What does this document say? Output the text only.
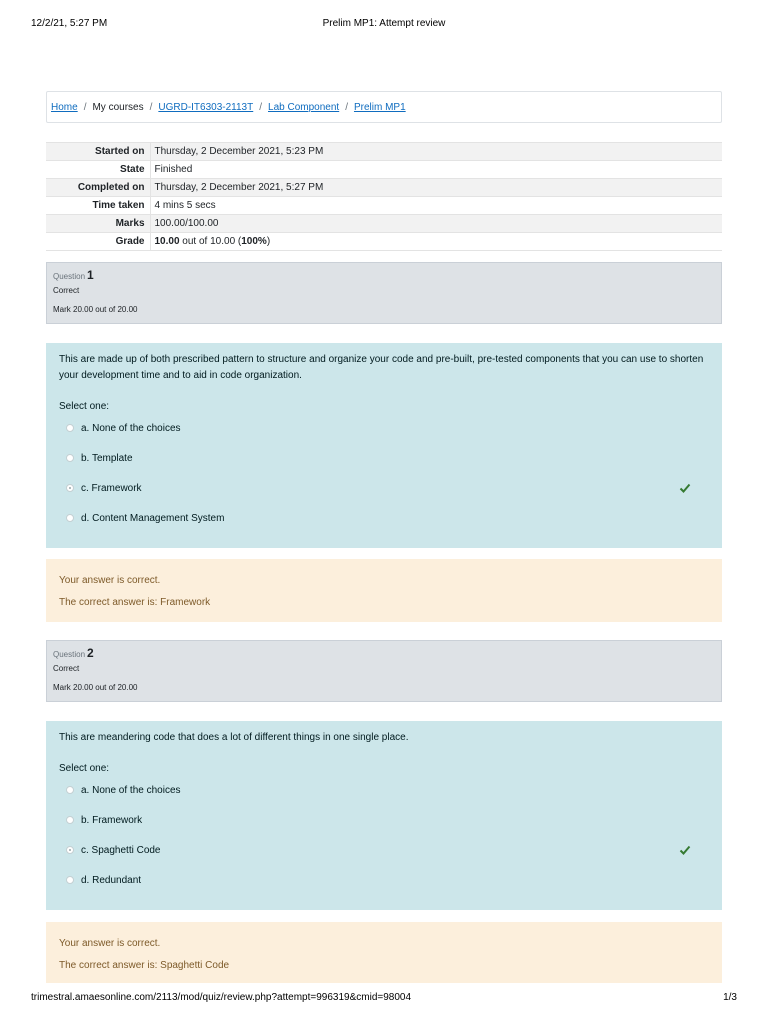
12/2/21, 5:27 PM	Prelim MP1: Attempt review
Home / My courses / UGRD-IT6303-2113T / Lab Component / Prelim MP1
Started on	Thursday, 2 December 2021, 5:23 PM
State	Finished
Completed on	Thursday, 2 December 2021, 5:27 PM
Time taken	4 mins 5 secs
Marks	100.00/100.00
Grade	10.00 out of 10.00 (100%)
Question 1
Correct
Mark 20.00 out of 20.00
This are made up of both prescribed pattern to structure and organize your code and pre-built, pre-tested components that you can use to shorten your development time and to aid in code organization.
Select one:
a. None of the choices
b. Template
c. Framework
d. Content Management System
Your answer is correct.
The correct answer is: Framework
Question 2
Correct
Mark 20.00 out of 20.00
This are meandering code that does a lot of different things in one single place.
Select one:
a. None of the choices
b. Framework
c. Spaghetti Code
d. Redundant
Your answer is correct.
The correct answer is: Spaghetti Code
trimestral.amaesonline.com/2113/mod/quiz/review.php?attempt=996319&cmid=98004	1/3
